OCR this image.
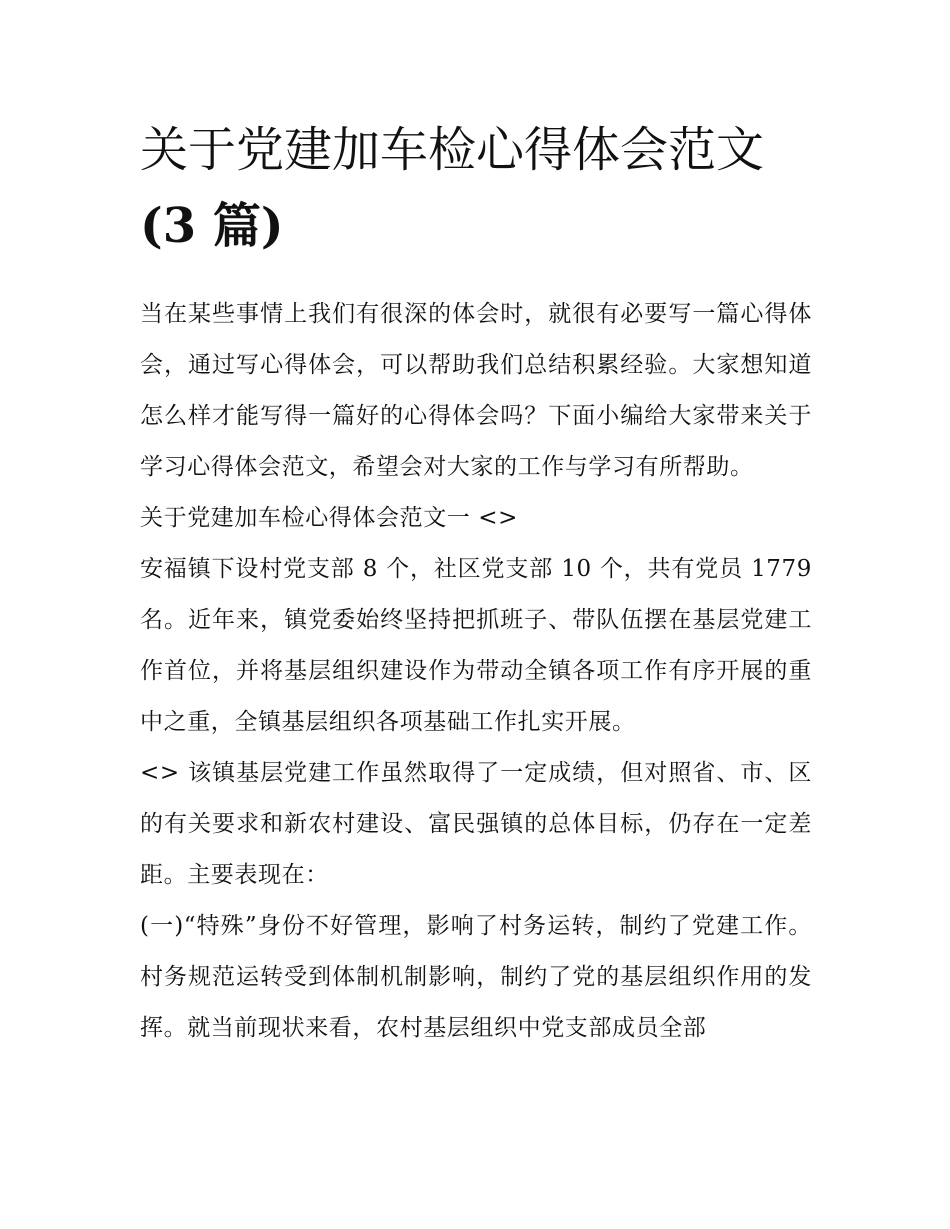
关于党建加车检心得体会范文
(3 篇)

当在某些事情上我们有很深的体会时，就很有必要写一篇心得体会，通过写心得体会，可以帮助我们总结积累经验。大家想知道怎么样才能写得一篇好的心得体会吗？下面小编给大家带来关于学习心得体会范文，希望会对大家的工作与学习有所帮助。

关于党建加车检心得体会范文一 <>

安福镇下设村党支部 8 个，社区党支部 10 个，共有党员 1779 名。近年来，镇党委始终坚持把抓班子、带队伍摆在基层党建工作首位，并将基层组织建设作为带动全镇各项工作有序开展的重中之重，全镇基层组织各项基础工作扎实开展。

<> 该镇基层党建工作虽然取得了一定成绩，但对照省、市、区的有关要求和新农村建设、富民强镇的总体目标，仍存在一定差距。主要表现在：

(一)“特殊”身份不好管理，影响了村务运转，制约了党建工作。村务规范运转受到体制机制影响，制约了党的基层组织作用的发挥。就当前现状来看，农村基层组织中党支部成员全部
